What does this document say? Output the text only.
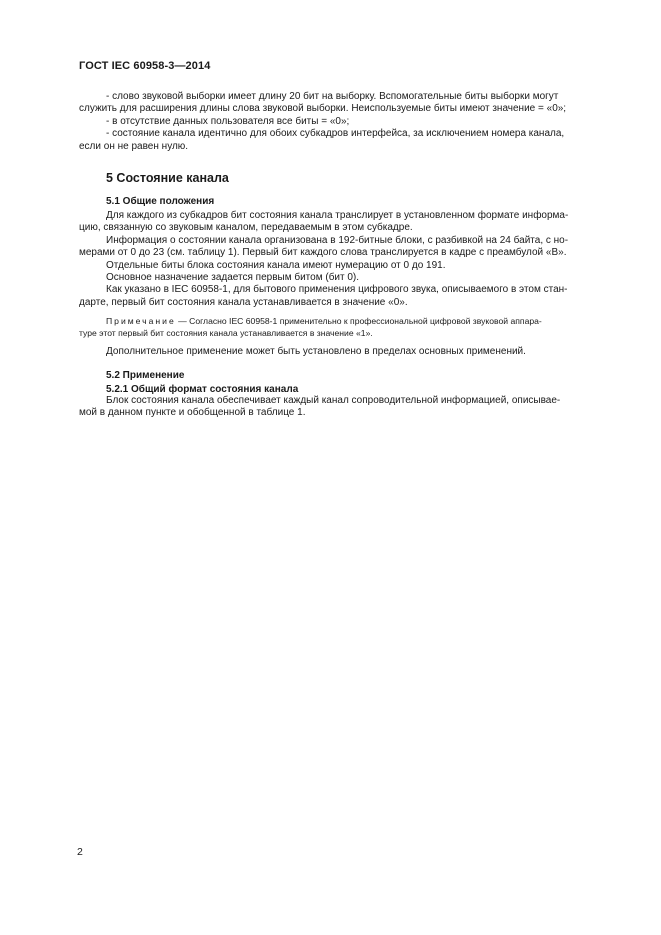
ГОСТ IEC 60958-3—2014

- слово звуковой выборки имеет длину 20 бит на выборку. Вспомогательные биты выборки могут
служить для расширения длины слова звуковой выборки. Неиспользуемые биты имеют значение = «0»;

- в отсутствие данных пользователя все биты = «0»;

- состояние канала идентично для обоих субкадров интерфейса, за исключением номера канала,
если он не равен нулю.

5 Состояние канала
5.1 Общие положения

Для каждого из субкадров бит состояния канала транслирует в установленном формате информа-
цию, связанную со звуковым каналом, передаваемым в этом субкадре.

Информация о состоянии канала организована в 192-битные блоки, с разбивкой на 24 байта, с но-
мерами от 0 до 23 (см. таблицу 1). Первый бит каждого слова транслируется в кадре с преамбулой «В».

Отдельные биты блока состояния канала имеют нумерацию от 0 до 191.

Основное назначение задается первым битом (бит 0).

Как указано в IEC 60958-1, для бытового применения цифрового звука, описываемого в этом стан-
дарте, первый бит состояния канала устанавливается в значение «0».

Примечание — Согласно IEC 60958-1 применительно к профессиональной цифровой звуковой аппара-
туре этот первый бит состояния канала устанавливается в значение «1».

Дополнительное применение может быть установлено в пределах основных применений.

5.2 Применение
5.2.1 Общий формат состояния канала

Блок состояния канала обеспечивает каждый канал сопроводительной информацией, описывае-
мой в данном пункте и обобщенной в таблице 1.

2
